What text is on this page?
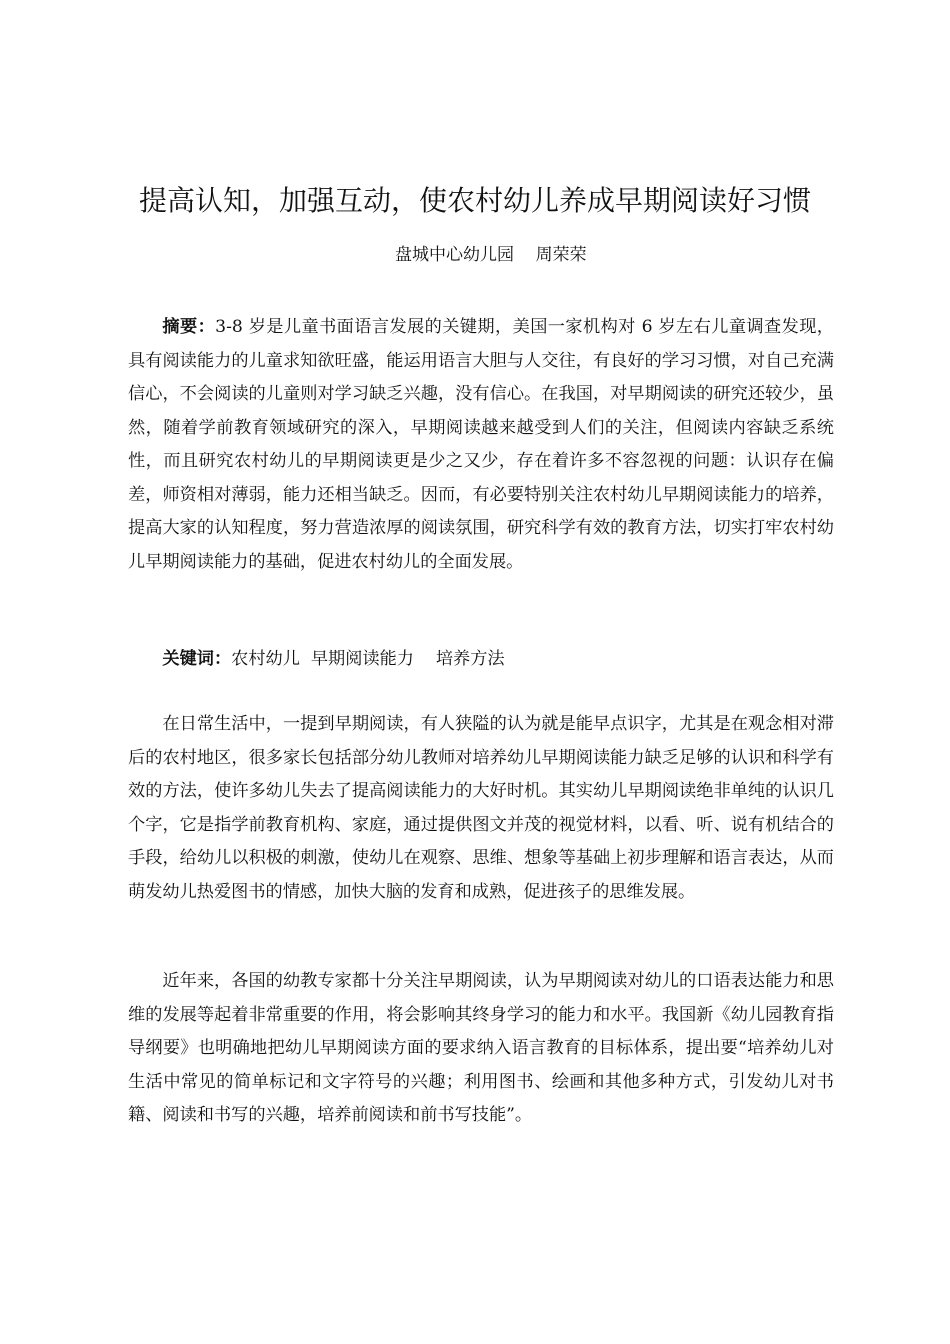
提高认知，加强互动，使农村幼儿养成早期阅读好习惯
盘城中心幼儿园    周荣荣
摘要：3-8 岁是儿童书面语言发展的关键期，美国一家机构对 6 岁左右儿童调查发现，具有阅读能力的儿童求知欲旺盛，能运用语言大胆与人交往，有良好的学习习惯，对自己充满信心，不会阅读的儿童则对学习缺乏兴趣，没有信心。在我国，对早期阅读的研究还较少，虽然，随着学前教育领域研究的深入，早期阅读越来越受到人们的关注，但阅读内容缺乏系统性，而且研究农村幼儿的早期阅读更是少之又少，存在着许多不容忽视的问题：认识存在偏差，师资相对薄弱，能力还相当缺乏。因而，有必要特别关注农村幼儿早期阅读能力的培养，提高大家的认知程度，努力营造浓厚的阅读氛围，研究科学有效的教育方法，切实打牢农村幼儿早期阅读能力的基础，促进农村幼儿的全面发展。
关键词：农村幼儿  早期阅读能力    培养方法
在日常生活中，一提到早期阅读，有人狭隘的认为就是能早点识字，尤其是在观念相对滞后的农村地区，很多家长包括部分幼儿教师对培养幼儿早期阅读能力缺乏足够的认识和科学有效的方法，使许多幼儿失去了提高阅读能力的大好时机。其实幼儿早期阅读绝非单纯的认识几个字，它是指学前教育机构、家庭，通过提供图文并茂的视觉材料，以看、听、说有机结合的手段，给幼儿以积极的刺激，使幼儿在观察、思维、想象等基础上初步理解和语言表达，从而萌发幼儿热爱图书的情感，加快大脑的发育和成熟，促进孩子的思维发展。
近年来，各国的幼教专家都十分关注早期阅读，认为早期阅读对幼儿的口语表达能力和思维的发展等起着非常重要的作用，将会影响其终身学习的能力和水平。我国新《幼儿园教育指导纲要》也明确地把幼儿早期阅读方面的要求纳入语言教育的目标体系，提出要“培养幼儿对生活中常见的简单标记和文字符号的兴趣；利用图书、绘画和其他多种方式，引发幼儿对书籍、阅读和书写的兴趣，培养前阅读和前书写技能”。
